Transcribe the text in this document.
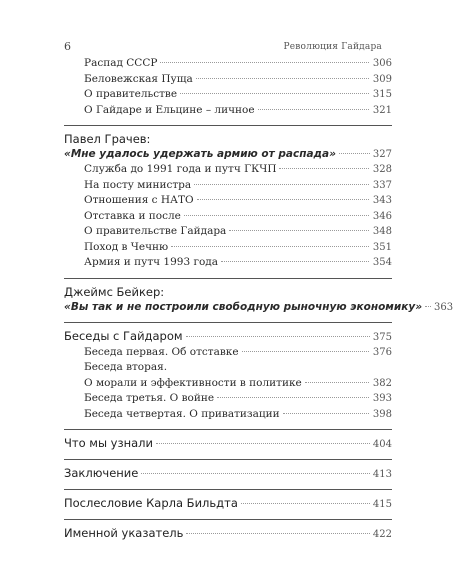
6	Революция Гайдара
Распад СССР	306
Беловежская Пуща	309
О правительстве	315
О Гайдаре и Ельцине – личное	321
Павел Грачев:
«Мне удалось удержать армию от распада»	327
Служба до 1991 года и путч ГКЧП	328
На посту министра	337
Отношения с НАТО	343
Отставка и после	346
О правительстве Гайдара	348
Поход в Чечню	351
Армия и путч 1993 года	354
Джеймс Бейкер:
«Вы так и не построили свободную рыночную экономику» 363
Беседы с Гайдаром	375
Беседа первая. Об отставке	376
Беседа вторая.
О морали и эффективности в политике	382
Беседа третья. О войне	393
Беседа четвертая. О приватизации	398
Что мы узнали	404
Заключение	413
Послесловие Карла Бильдта	415
Именной указатель	422
